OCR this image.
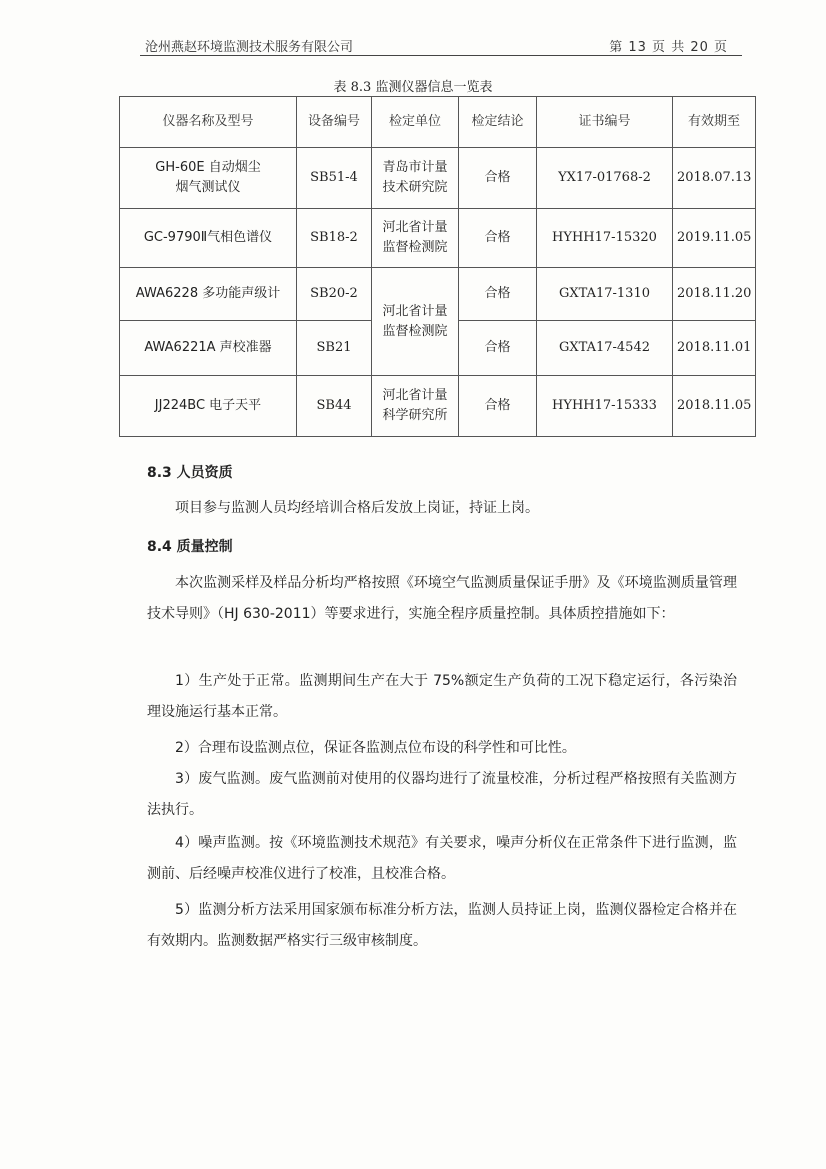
沧州燕赵环境监测技术服务有限公司	第 13 页 共 20 页
表 8.3 监测仪器信息一览表
仪器名称及型号	设备编号	检定单位	检定结论	证书编号	有效期至
GH-60E 自动烟尘烟气测试仪	SB51-4	青岛市计量技术研究院	合格	YX17-01768-2	2018.07.13
GC-9790Ⅱ气相色谱仪	SB18-2	河北省计量监督检测院	合格	HYHH17-15320	2019.11.05
AWA6228 多功能声级计	SB20-2	河北省计量监督检测院	合格	GXTA17-1310	2018.11.20
AWA6221A 声校准器	SB21		合格	GXTA17-4542	2018.11.01
JJ224BC 电子天平	SB44	河北省计量科学研究所	合格	HYHH17-15333	2018.11.05
8.3 人员资质
项目参与监测人员均经培训合格后发放上岗证，持证上岗。
8.4 质量控制
本次监测采样及样品分析均严格按照《环境空气监测质量保证手册》及《环境监测质量管理技术导则》（HJ 630-2011）等要求进行，实施全程序质量控制。具体质控措施如下：
1）生产处于正常。监测期间生产在大于 75%额定生产负荷的工况下稳定运行，各污染治理设施运行基本正常。
2）合理布设监测点位，保证各监测点位布设的科学性和可比性。
3）废气监测。废气监测前对使用的仪器均进行了流量校准，分析过程严格按照有关监测方法执行。
4）噪声监测。按《环境监测技术规范》有关要求，噪声分析仪在正常条件下进行监测，监测前、后经噪声校准仪进行了校准，且校准合格。
5）监测分析方法采用国家颁布标准分析方法，监测人员持证上岗，监测仪器检定合格并在有效期内。监测数据严格实行三级审核制度。
